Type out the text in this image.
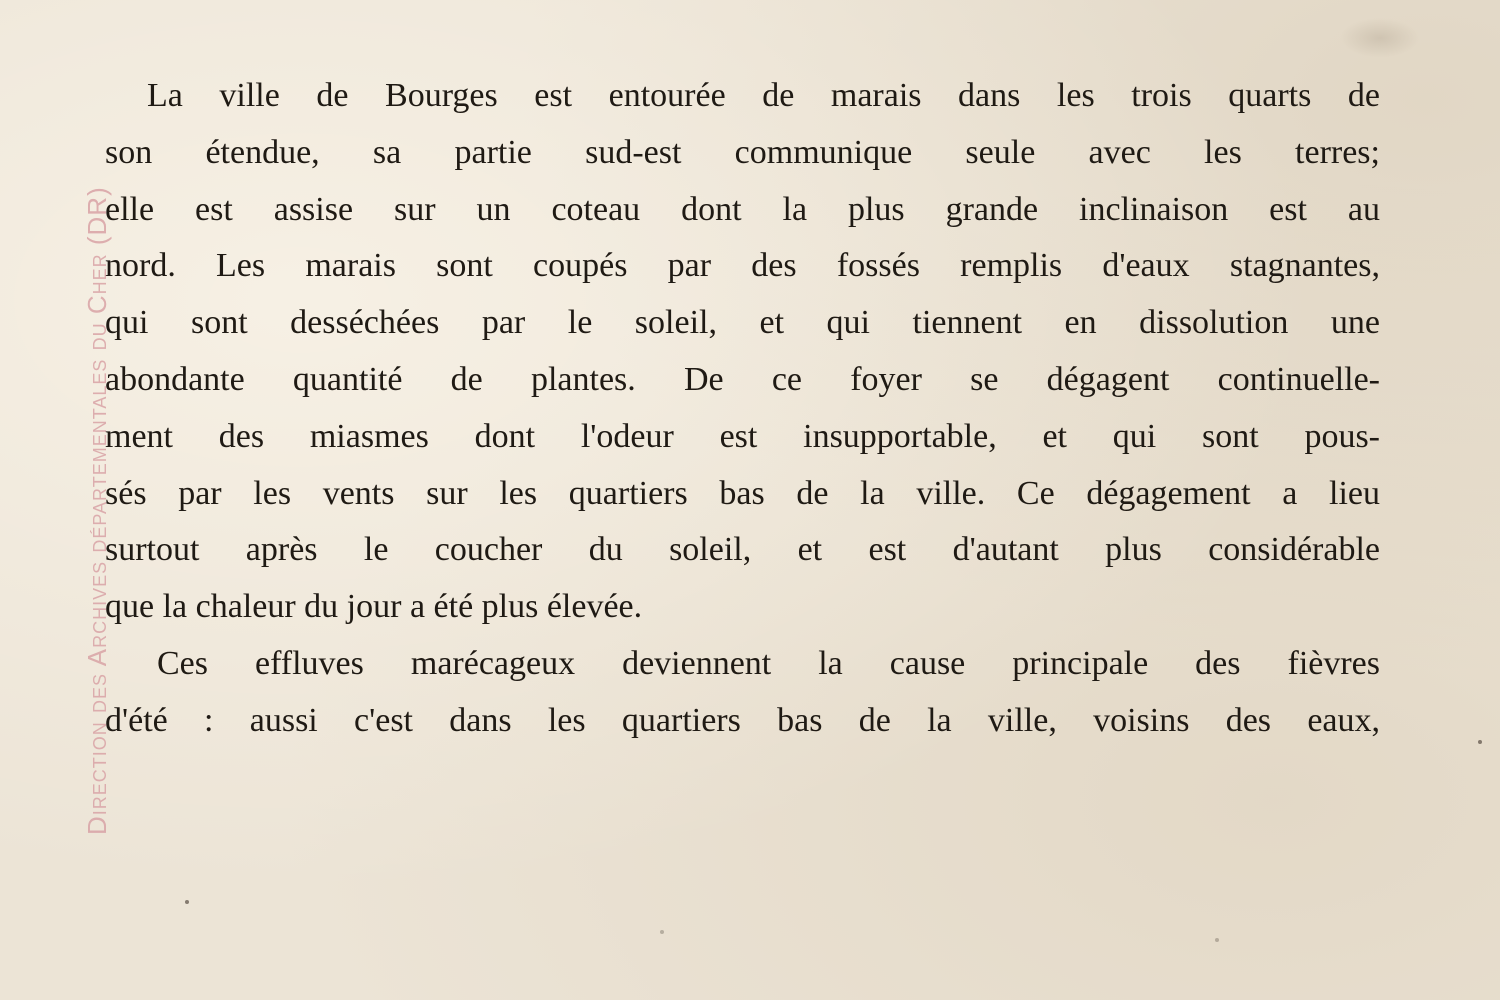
Direction des Archives départementales du Cher (DR)
La ville de Bourges est entourée de marais dans les trois quarts de
son étendue, sa partie sud-est communique seule avec les terres;
elle est assise sur un coteau dont la plus grande inclinaison est au
nord. Les marais sont coupés par des fossés remplis d'eaux stagnantes,
qui sont desséchées par le soleil, et qui tiennent en dissolution une
abondante quantité de plantes. De ce foyer se dégagent continuelle-
ment des miasmes dont l'odeur est insupportable, et qui sont pous-
sés par les vents sur les quartiers bas de la ville. Ce dégagement a lieu
surtout après le coucher du soleil, et est d'autant plus considérable
que la chaleur du jour a été plus élevée.
Ces effluves marécageux deviennent la cause principale des fièvres
d'été : aussi c'est dans les quartiers bas de la ville, voisins des eaux,
